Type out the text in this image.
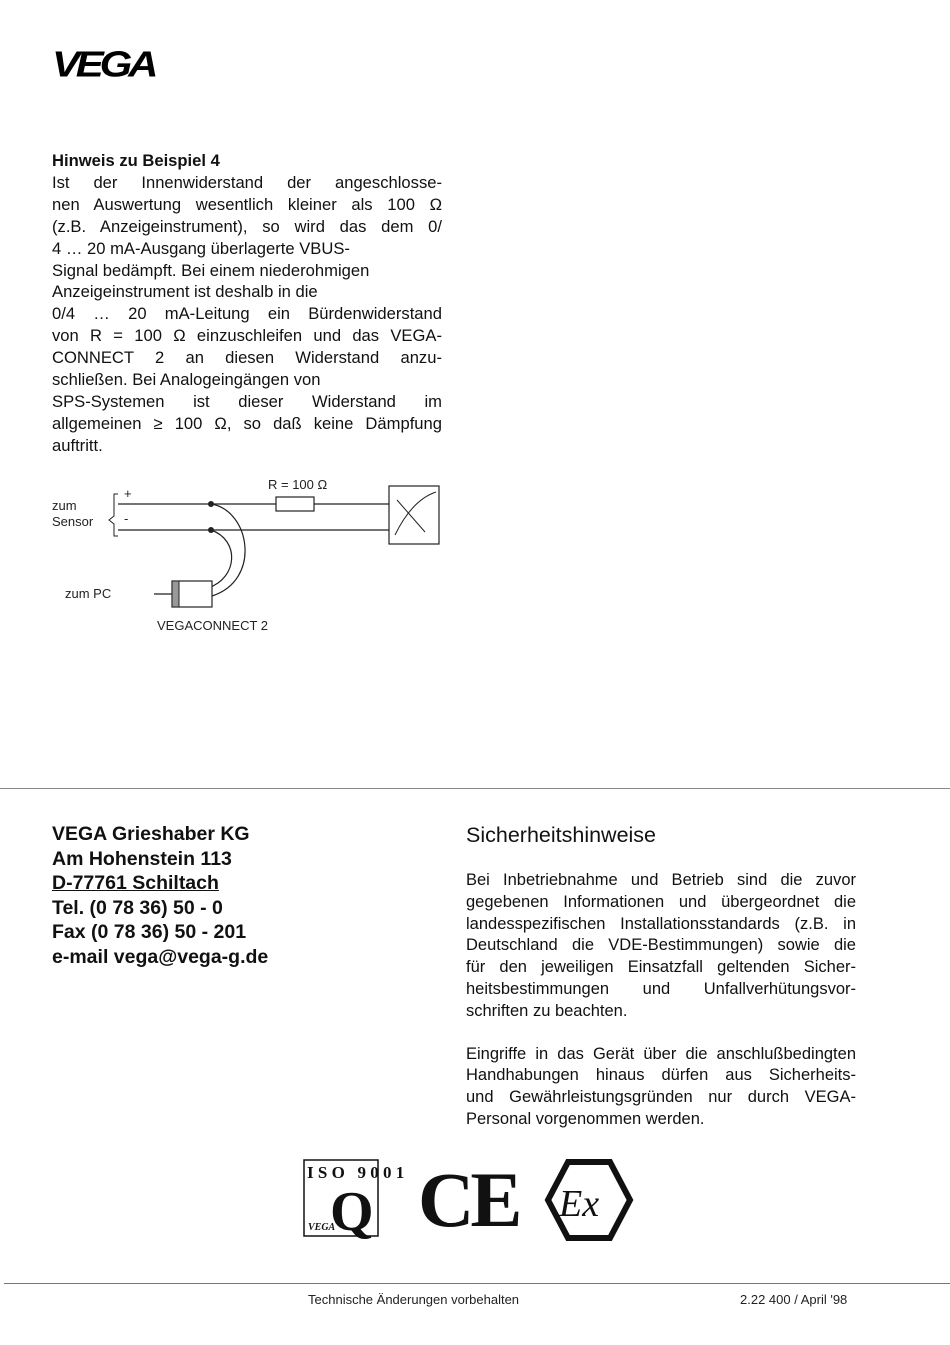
VEGA
Hinweis zu Beispiel 4
Ist der Innenwiderstand der angeschlosse-
nen Auswertung wesentlich kleiner als 100 Ω
(z.B. Anzeigeinstrument), so wird das dem 0/
4 … 20 mA-Ausgang überlagerte VBUS-
Signal bedämpft. Bei einem niederohmigen
Anzeigeinstrument ist deshalb in die
0/4 … 20 mA-Leitung ein Bürdenwiderstand
von R = 100 Ω einzuschleifen und das VEGA-
CONNECT 2 an diesen Widerstand anzu-
schließen. Bei Analogeingängen von
SPS-Systemen ist dieser Widerstand im
allgemeinen ≥ 100 Ω, so daß keine Dämpfung
auftritt.
+
-
zum
Sensor
R = 100 Ω
zum PC
VEGACONNECT 2
VEGA Grieshaber KG
Am Hohenstein 113
D-77761 Schiltach
Tel. (0 78 36) 50 - 0
Fax (0 78 36) 50 - 201
e-mail vega@vega-g.de
Sicherheitshinweise
Bei Inbetriebnahme und Betrieb sind die zuvor
gegebenen Informationen und übergeordnet die
landesspezifischen Installationsstandards (z.B. in
Deutschland die VDE-Bestimmungen) sowie die
für den jeweiligen Einsatzfall geltenden Sicher-
heitsbestimmungen und Unfallverhütungsvor-
schriften zu beachten.
Eingriffe in das Gerät über die anschlußbedingten
Handhabungen hinaus dürfen aus Sicherheits-
und Gewährleistungsgründen nur durch VEGA-
Personal vorgenommen werden.
I S O   9 0 0 1
Q
VEGA CE Ex
Technische Änderungen vorbehalten	2.22 400 / April '98
